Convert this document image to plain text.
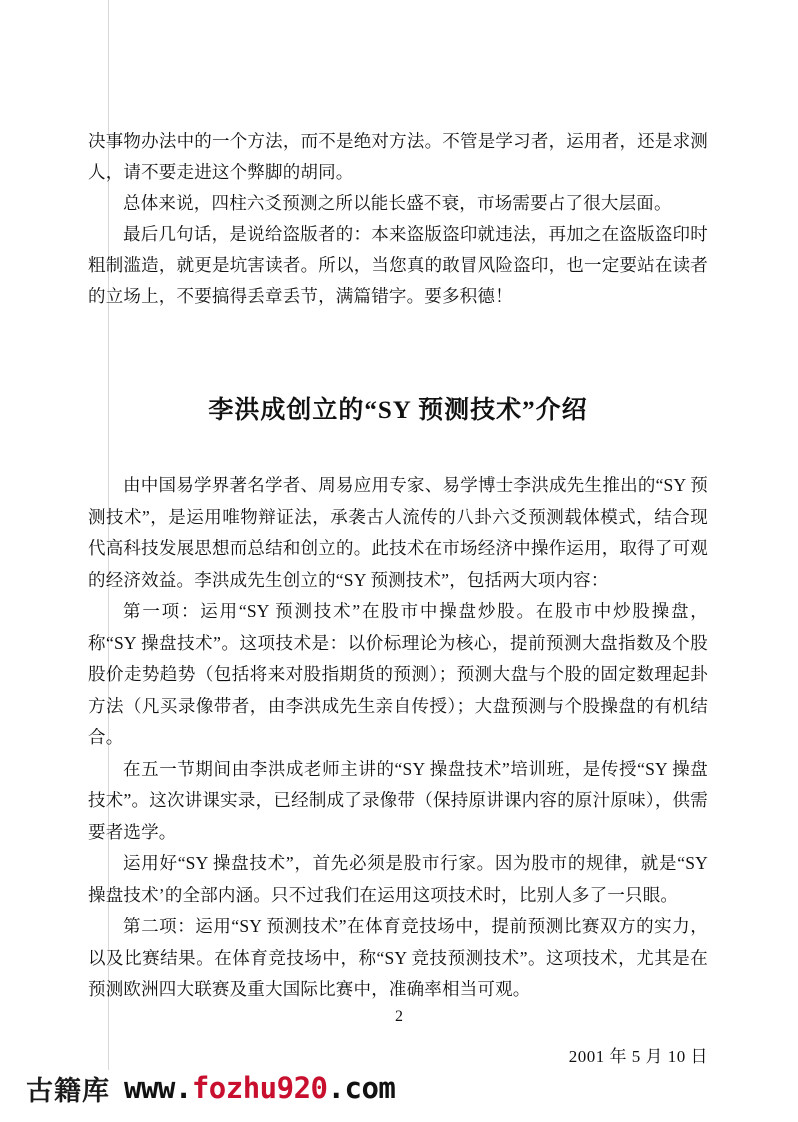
决事物办法中的一个方法，而不是绝对方法。不管是学习者，运用者，还是求测人，请不要走进这个弊脚的胡同。

总体来说，四柱六爻预测之所以能长盛不衰，市场需要占了很大层面。

最后几句话，是说给盗版者的：本来盗版盗印就违法，再加之在盗版盗印时粗制滥造，就更是坑害读者。所以，当您真的敢冒风险盗印，也一定要站在读者的立场上，不要搞得丢章丢节，满篇错字。要多积德！

李洪成创立的“SY 预测技术”介绍

由中国易学界著名学者、周易应用专家、易学博士李洪成先生推出的“SY 预测技术”，是运用唯物辩证法，承袭古人流传的八卦六爻预测载体模式，结合现代高科技发展思想而总结和创立的。此技术在市场经济中操作运用，取得了可观的经济效益。李洪成先生创立的“SY 预测技术”，包括两大项内容：

第一项：运用“SY 预测技术”在股市中操盘炒股。在股市中炒股操盘，称“SY 操盘技术”。这项技术是：以价标理论为核心，提前预测大盘指数及个股股价走势趋势（包括将来对股指期货的预测）；预测大盘与个股的固定数理起卦方法（凡买录像带者，由李洪成先生亲自传授）；大盘预测与个股操盘的有机结合。

在五一节期间由李洪成老师主讲的“SY 操盘技术”培训班，是传授“SY 操盘技术”。这次讲课实录，已经制成了录像带（保持原讲课内容的原汁原味），供需要者选学。

运用好“SY 操盘技术”，首先必须是股市行家。因为股市的规律，就是“SY 操盘技术’的全部内涵。只不过我们在运用这项技术时，比别人多了一只眼。

第二项：运用“SY 预测技术”在体育竞技场中，提前预测比赛双方的实力，以及比赛结果。在体育竞技场中，称“SY 竞技预测技术”。这项技术，尤其是在预测欧洲四大联赛及重大国际比赛中，准确率相当可观。

2001 年 5 月 10 日
2
古籍库 www.fozhu920.com
